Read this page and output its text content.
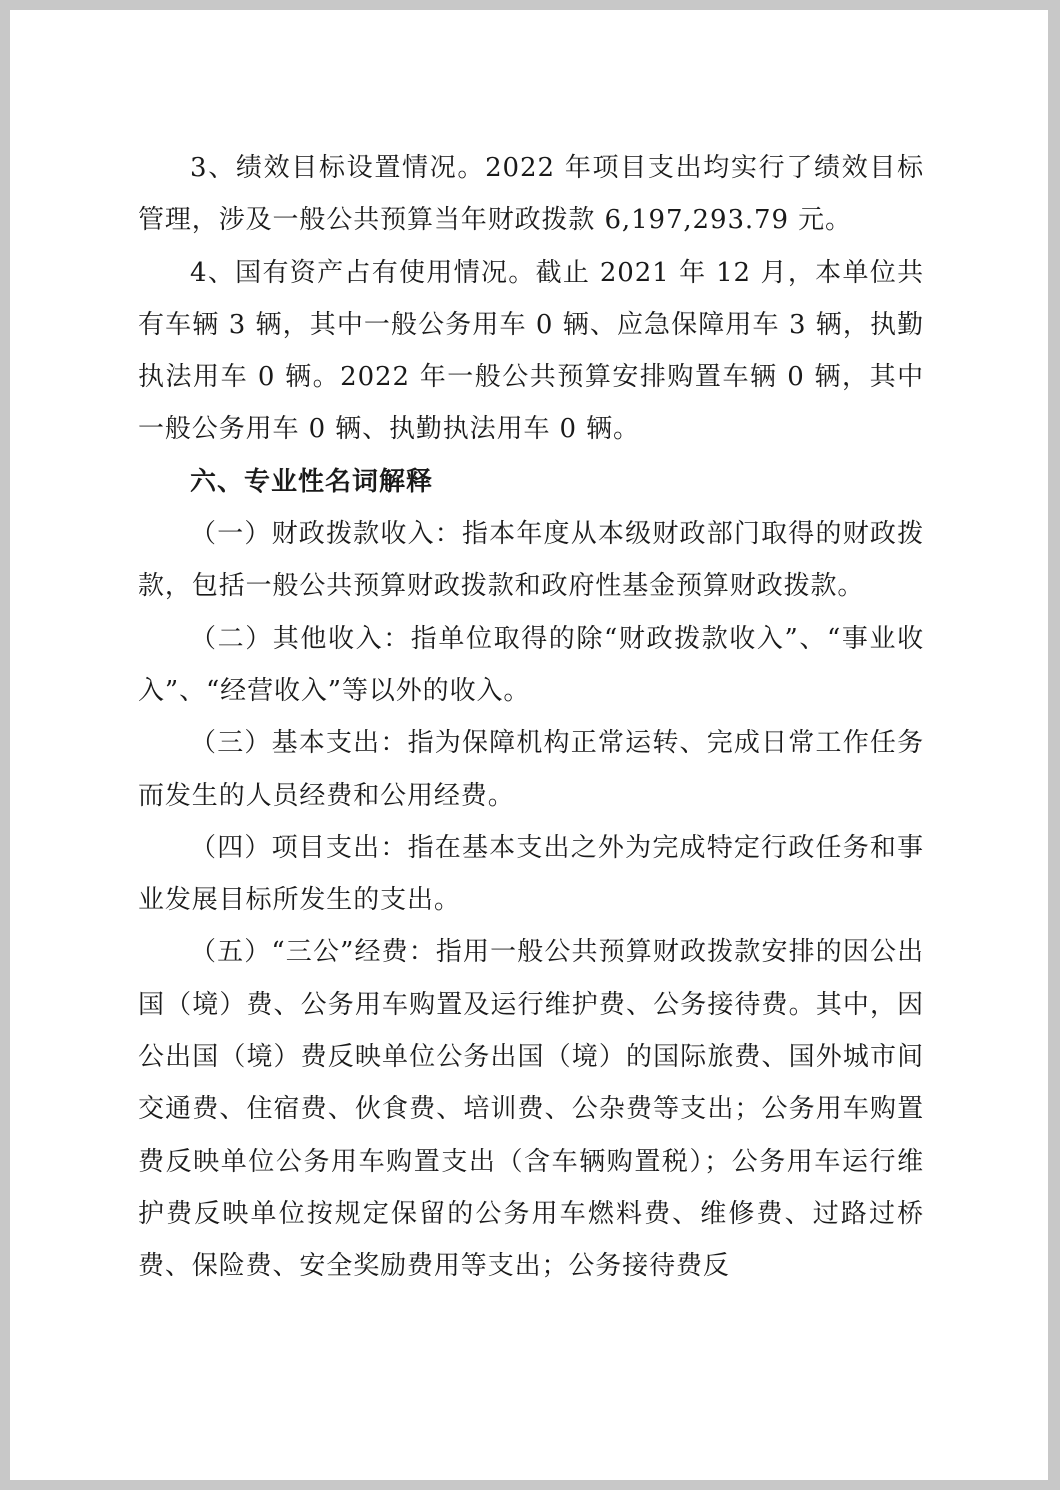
3、绩效目标设置情况。2022 年项目支出均实行了绩效目标管理，涉及一般公共预算当年财政拨款 6,197,293.79 元。

4、国有资产占有使用情况。截止 2021 年 12 月，本单位共有车辆 3 辆，其中一般公务用车 0 辆、应急保障用车 3 辆，执勤执法用车 0 辆。2022 年一般公共预算安排购置车辆 0 辆，其中一般公务用车 0 辆、执勤执法用车 0 辆。

六、专业性名词解释

（一）财政拨款收入：指本年度从本级财政部门取得的财政拨款，包括一般公共预算财政拨款和政府性基金预算财政拨款。

（二）其他收入：指单位取得的除“财政拨款收入”、“事业收入”、“经营收入”等以外的收入。

（三）基本支出：指为保障机构正常运转、完成日常工作任务而发生的人员经费和公用经费。

（四）项目支出：指在基本支出之外为完成特定行政任务和事业发展目标所发生的支出。

（五）“三公”经费：指用一般公共预算财政拨款安排的因公出国（境）费、公务用车购置及运行维护费、公务接待费。其中，因公出国（境）费反映单位公务出国（境）的国际旅费、国外城市间交通费、住宿费、伙食费、培训费、公杂费等支出；公务用车购置费反映单位公务用车购置支出（含车辆购置税）；公务用车运行维护费反映单位按规定保留的公务用车燃料费、维修费、过路过桥费、保险费、安全奖励费用等支出；公务接待费反
